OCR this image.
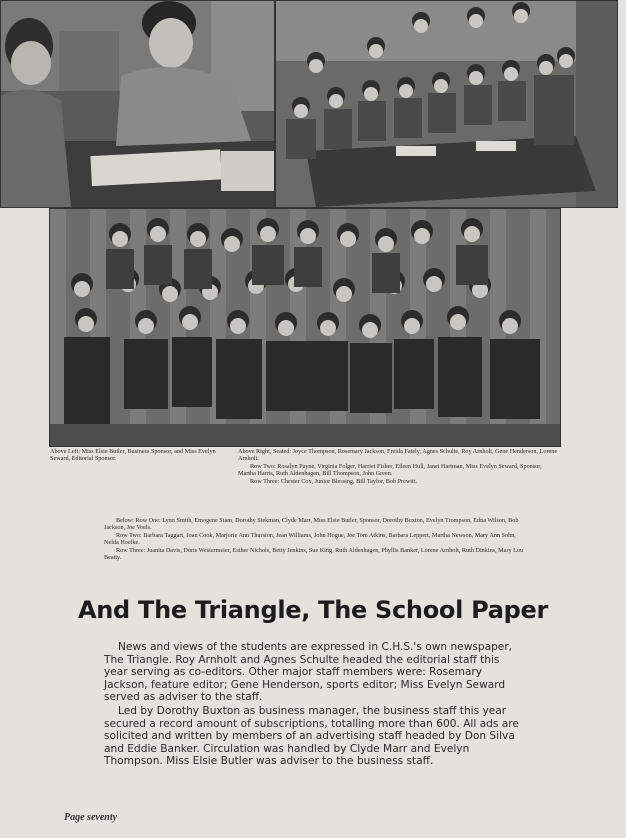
Above Left: Miss Elsie Butler, Business Sponsor, and Miss Evelyn Seward, Editorial Sponsor.

Above Right, Seated: Joyce Thompson, Rosemary Jackson, Freida Fately, Agnes Schulte, Roy Arnholt, Gene Henderson, Lorene Arnholt.

Row Two: Rosalyn Payne, Virginia Folger, Harriet Fisher, Eileen Hull, Janet Hartman, Miss Evelyn Seward, Sponsor, Martha Harris, Ruth Aldenhagen, Bill Thompson, John Green.

Row Three: Chester Cox, Junior Blessing, Bill Taylor, Bob Prewitt.

Below: Row One: Lynn Smith, Emogene Stam, Dorothy Siekman, Clyde Marr, Miss Elsie Butler, Sponsor, Dorothy Buxton, Evelyn Trompson, Edna Wilson, Bob Jackson, Joe Voels.

Row Two: Barbara Taggart, Joan Cook, Marjorie Ann Thurston, Jean Williams, John Hogue, Joe Tom Atkins, Barbara Leppert, Martha Newson, Mary Ann Sohn, Nelda Hoelke.

Row Three: Juanita Davis, Doris Westermeier, Esther Nichols, Betty Jenkins, Sue King, Ruth Aldenhagen, Phyllis Banker, Lorene Arnholt, Ruth Dinkins, Mary Lou Beatty.

And The Triangle, The School Paper

News and views of the students are expressed in C.H.S.'s own newspaper, The Triangle. Roy Arnholt and Agnes Schulte headed the editorial staff this year serving as co-editors. Other major staff members were: Rosemary Jackson, feature editor; Gene Henderson, sports editor; Miss Evelyn Seward served as adviser to the staff.

Led by Dorothy Buxton as business manager, the business staff this year secured a record amount of subscriptions, totalling more than 600. All ads are solicited and written by members of an advertising staff headed by Don Silva and Eddie Banker. Circulation was handled by Clyde Marr and Evelyn Thompson. Miss Elsie Butler was adviser to the business staff.

Page seventy
